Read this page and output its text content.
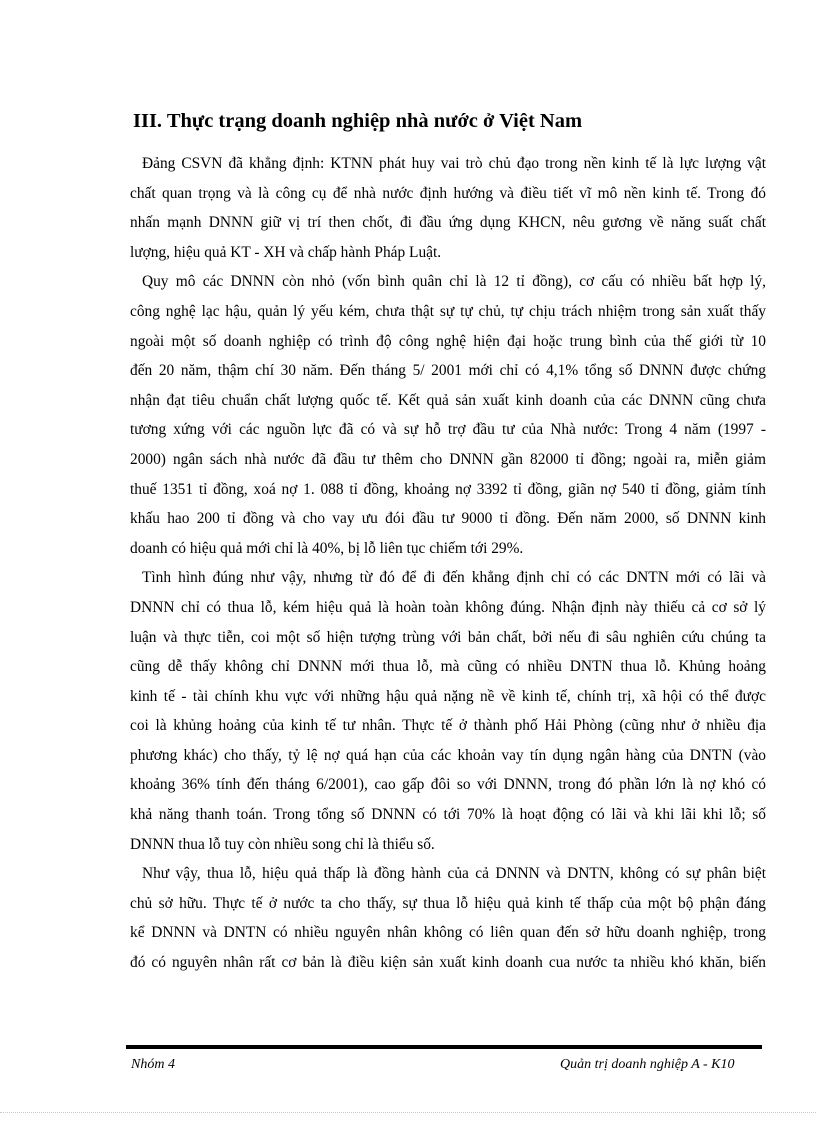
III. Thực trạng doanh nghiệp nhà nước ở Việt Nam

Đảng CSVN đã khẳng định: KTNN phát huy vai trò chủ đạo trong nền kinh tế là lực lượng vật
chất quan trọng và là công cụ để nhà nước định hướng và điều tiết vĩ mô nền kinh tế. Trong đó
nhấn mạnh DNNN giữ vị trí then chốt, đi đầu ứng dụng KHCN, nêu gương về năng suất chất
lượng, hiệu quả KT - XH và chấp hành Pháp Luật.

Quy mô các DNNN còn nhỏ (vốn bình quân chỉ là 12 tỉ đồng), cơ cấu có nhiều bất hợp lý,
công nghệ lạc hậu, quản lý yếu kém, chưa thật sự tự chủ, tự chịu trách nhiệm trong sản xuất thấy
ngoài một số doanh nghiệp có trình độ công nghệ hiện đại hoặc trung bình của thế giới từ 10
đến 20 năm, thậm chí 30 năm. Đến tháng 5/ 2001 mới chỉ có 4,1% tổng số DNNN được chứng
nhận đạt tiêu chuẩn chất lượng quốc tế. Kết quả sản xuất kinh doanh của các DNNN cũng chưa
tương xứng với các nguồn lực đã có và sự hỗ trợ đầu tư của Nhà nước: Trong 4 năm (1997 -
2000) ngân sách nhà nước đã đầu tư thêm cho DNNN gần 82000 tỉ đồng; ngoài ra, miễn giảm
thuế 1351 tỉ đồng, xoá nợ 1. 088 tỉ đồng, khoảng nợ 3392 tỉ đồng, giãn nợ 540 tỉ đồng, giảm tính
khấu hao 200 tỉ đồng và cho vay ưu đói đầu tư 9000 tỉ đồng. Đến năm 2000, số DNNN kinh
doanh có hiệu quả mới chỉ là 40%, bị lỗ liên tục chiếm tới 29%.

Tình hình đúng như vậy, nhưng từ đó để đi đến khẳng định chỉ có các DNTN mới có lãi và
DNNN chỉ có thua lỗ, kém hiệu quả là hoàn toàn không đúng. Nhận định này thiếu cả cơ sở lý
luận và thực tiễn, coi một số hiện tượng trùng với bản chất, bởi nếu đi sâu nghiên cứu chúng ta
cũng dễ thấy không chỉ DNNN mới thua lỗ, mà cũng có nhiều DNTN thua lỗ. Khủng hoảng
kinh tế - tài chính khu vực với những hậu quả nặng nề về kinh tế, chính trị, xã hội có thể được
coi là khủng hoảng của kinh tế tư nhân. Thực tế ở thành phố Hải Phòng (cũng như ở nhiều địa
phương khác) cho thấy, tỷ lệ nợ quá hạn của các khoản vay tín dụng ngân hàng của DNTN (vào
khoảng 36% tính đến tháng 6/2001), cao gấp đôi so với DNNN, trong đó phần lớn là nợ khó có
khả năng thanh toán. Trong tổng số DNNN có tới 70% là hoạt động có lãi và khi lãi khi lỗ; số
DNNN thua lỗ tuy còn nhiều song chỉ là thiểu số.

Như vậy, thua lỗ, hiệu quả thấp là đồng hành của cả DNNN và DNTN, không có sự phân biệt
chủ sở hữu. Thực tế ở nước ta cho thấy, sự thua lỗ hiệu quả kinh tế thấp của một bộ phận đáng
kể DNNN và DNTN có nhiều nguyên nhân không có liên quan đến sở hữu doanh nghiệp, trong
đó có nguyên nhân rất cơ bản là điều kiện sản xuất kinh doanh cua nước ta nhiều khó khăn, biến

Nhóm 4	Quản trị doanh nghiệp A - K10
